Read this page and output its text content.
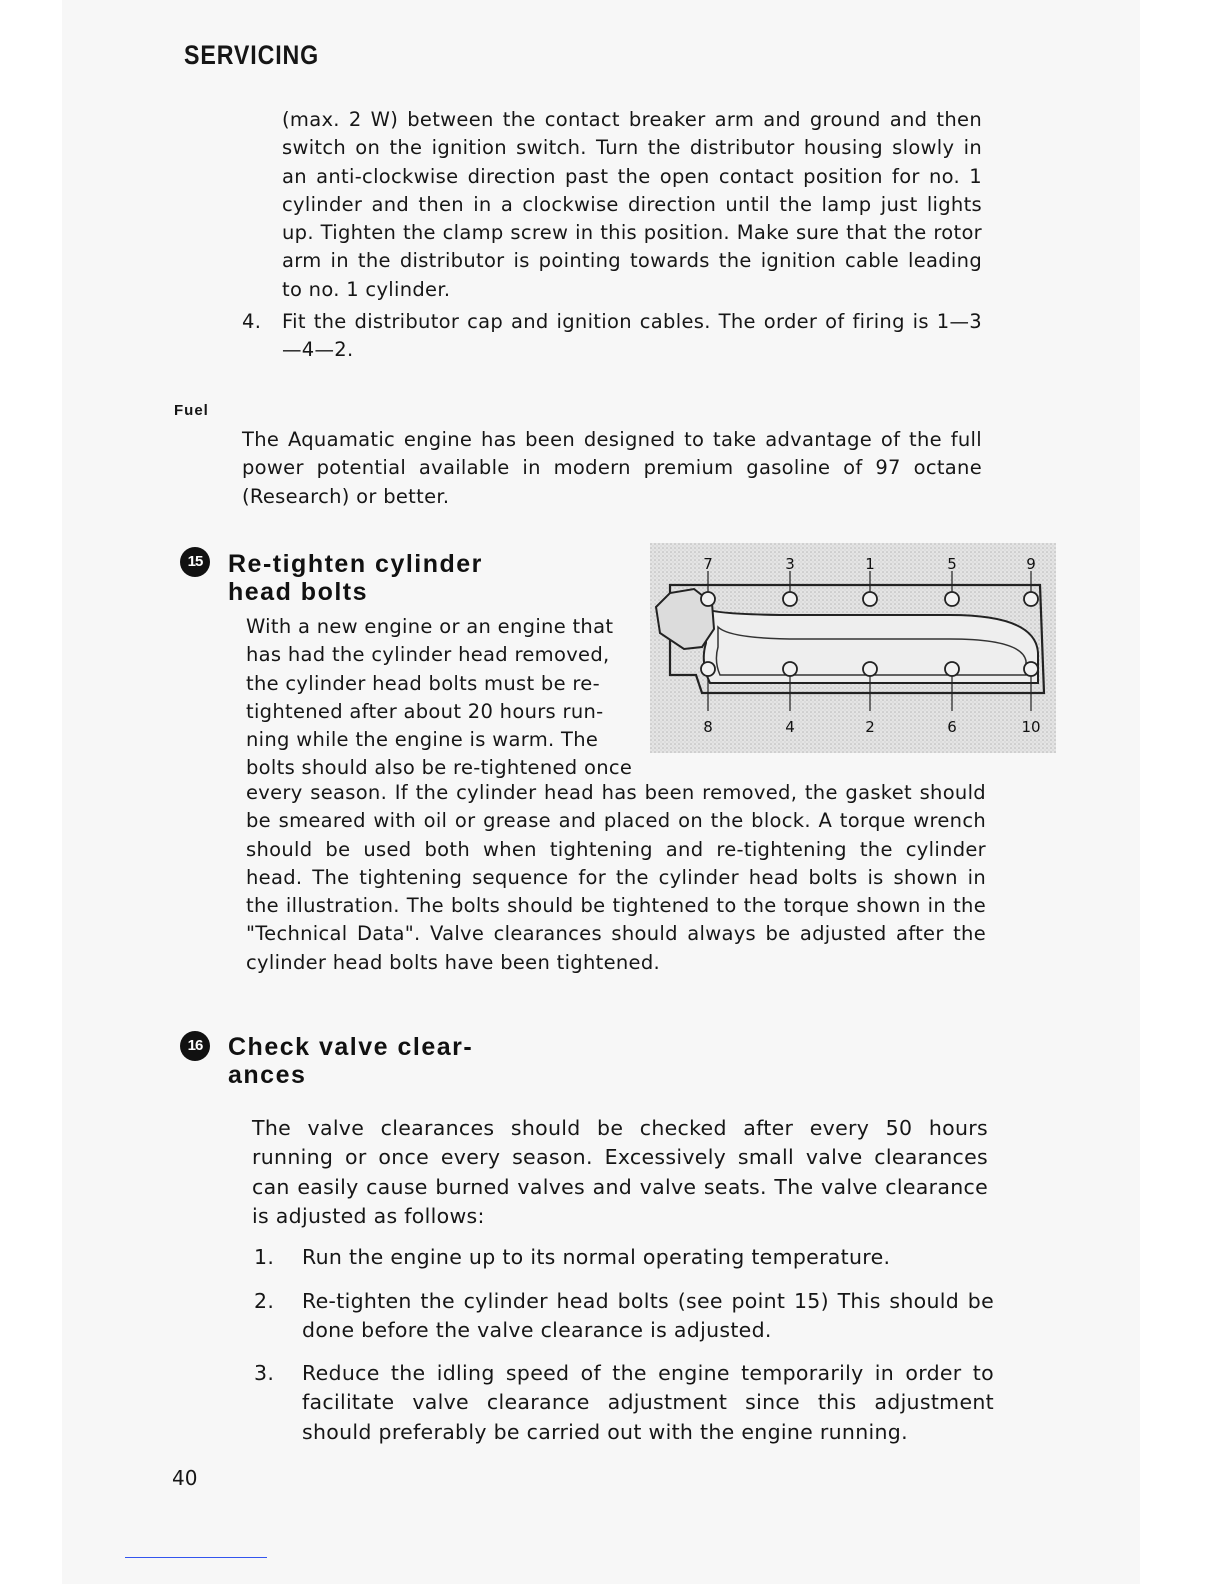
SERVICING
(max. 2 W) between the contact breaker arm and ground and then switch on the ignition switch. Turn the distributor housing slowly in an anti-clockwise direction past the open contact position for no. 1 cylinder and then in a clockwise direction until the lamp just lights up. Tighten the clamp screw in this position. Make sure that the rotor arm in the distributor is pointing towards the ignition cable leading to no. 1 cylinder.
4. Fit the distributor cap and ignition cables. The order of firing is 1—3—4—2.
Fuel
The Aquamatic engine has been designed to take advantage of the full power potential available in modern premium gasoline of 97 octane (Research) or better.
15	Re-tighten cylinder
head bolts
With a new engine or an engine that
has had the cylinder head removed,
the cylinder head bolts must be re-
tightened after about 20 hours run-
ning while the engine is warm. The
bolts should also be re-tightened once
every season. If the cylinder head has been removed, the gasket should be smeared with oil or grease and placed on the block. A torque wrench should be used both when tightening and re-tightening the cylinder head. The tightening sequence for the cylinder head bolts is shown in the illustration. The bolts should be tightened to the torque shown in the "Technical Data". Valve clearances should always be adjusted after the cylinder head bolts have been tightened.
7	3	1	5	9
8	4	2	6	10
16	Check valve clear-
ances
The valve clearances should be checked after every 50 hours running or once every season. Excessively small valve clearances can easily cause burned valves and valve seats. The valve clearance is adjusted as follows:
1. Run the engine up to its normal operating temperature.
2. Re-tighten the cylinder head bolts (see point 15) This should be done before the valve clearance is adjusted.
3. Reduce the idling speed of the engine temporarily in order to facilitate valve clearance adjustment since this adjustment should preferably be carried out with the engine running.
40
